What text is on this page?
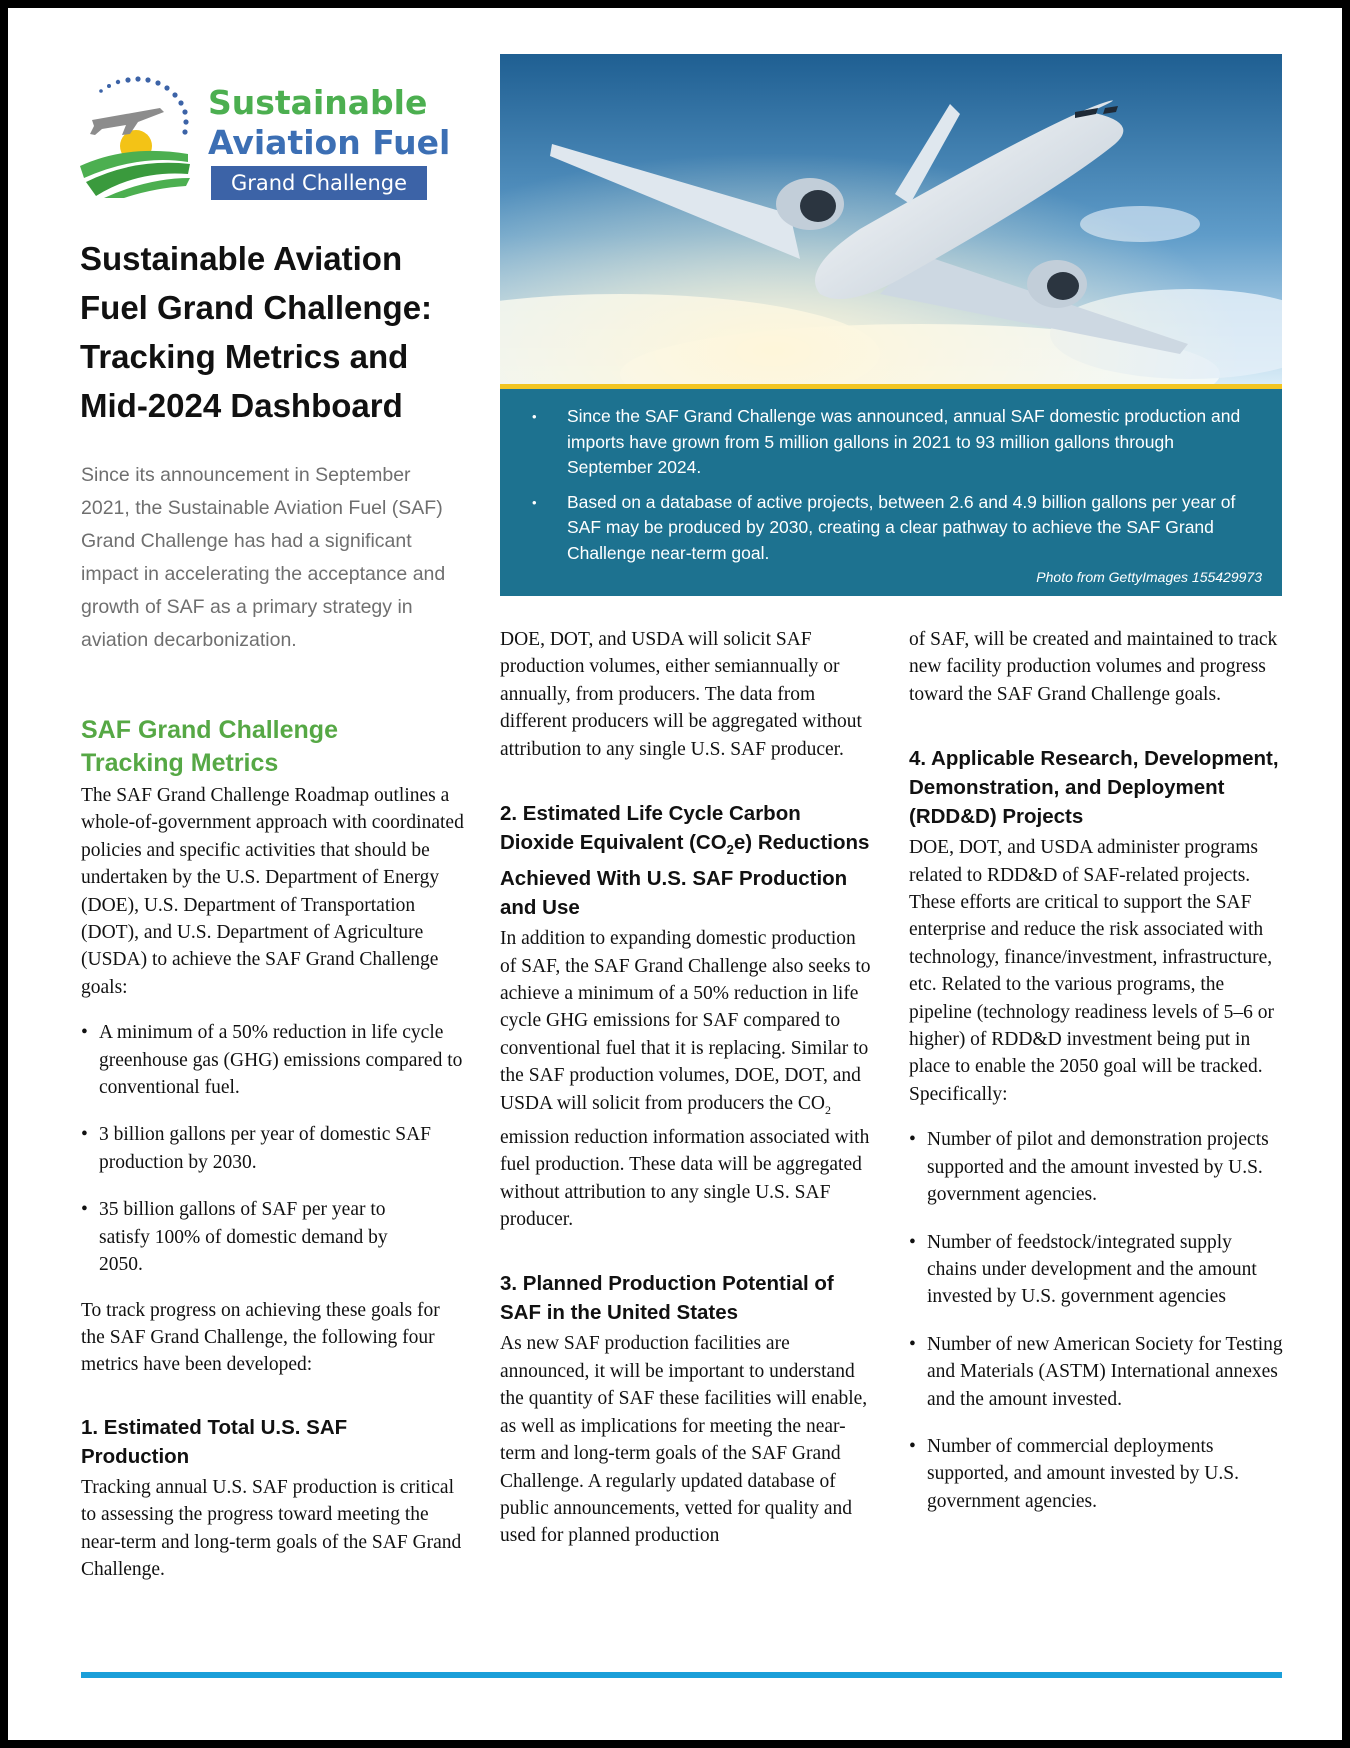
Sustainable
Aviation Fuel
Grand Challenge
Sustainable Aviation Fuel Grand Challenge: Tracking Metrics and Mid-2024 Dashboard

Since its announcement in September 2021, the Sustainable Aviation Fuel (SAF) Grand Challenge has had a significant impact in accelerating the acceptance and growth of SAF as a primary strategy in aviation decarbonization.

• Since the SAF Grand Challenge was announced, annual SAF domestic production and imports have grown from 5 million gallons in 2021 to 93 million gallons through September 2024.
• Based on a database of active projects, between 2.6 and 4.9 billion gallons per year of SAF may be produced by 2030, creating a clear pathway to achieve the SAF Grand Challenge near-term goal.
Photo from GettyImages 155429973
SAF Grand Challenge Tracking Metrics

The SAF Grand Challenge Roadmap outlines a whole-of-government approach with coordinated policies and specific activities that should be undertaken by the U.S. Department of Energy (DOE), U.S. Department of Transportation (DOT), and U.S. Department of Agriculture (USDA) to achieve the SAF Grand Challenge goals:

• A minimum of a 50% reduction in life cycle greenhouse gas (GHG) emissions compared to conventional fuel.
• 3 billion gallons per year of domestic SAF production by 2030.
• 35 billion gallons of SAF per year to satisfy 100% of domestic demand by 2050.

To track progress on achieving these goals for the SAF Grand Challenge, the following four metrics have been developed:

1. Estimated Total U.S. SAF Production

Tracking annual U.S. SAF production is critical to assessing the progress toward meeting the near-term and long-term goals of the SAF Grand Challenge.

DOE, DOT, and USDA will solicit SAF production volumes, either semiannually or annually, from producers. The data from different producers will be aggregated without attribution to any single U.S. SAF producer.

2. Estimated Life Cycle Carbon Dioxide Equivalent $(CO_2e)$ Reductions Achieved With U.S. SAF Production and Use

In addition to expanding domestic production of SAF, the SAF Grand Challenge also seeks to achieve a minimum of a 50% reduction in life cycle GHG emissions for SAF compared to conventional fuel that it is replacing. Similar to the SAF production volumes, DOE, DOT, and USDA will solicit from producers the $CO_2$ emission reduction information associated with fuel production. These data will be aggregated without attribution to any single U.S. SAF producer.

3. Planned Production Potential of SAF in the United States

As new SAF production facilities are announced, it will be important to understand the quantity of SAF these facilities will enable, as well as implications for meeting the near-term and long-term goals of the SAF Grand Challenge. A regularly updated database of public announcements, vetted for quality and used for planned production

of SAF, will be created and maintained to track new facility production volumes and progress toward the SAF Grand Challenge goals.

4. Applicable Research, Development, Demonstration, and Deployment (RDD&D) Projects

DOE, DOT, and USDA administer programs related to RDD&D of SAF-related projects. These efforts are critical to support the SAF enterprise and reduce the risk associated with technology, finance/investment, infrastructure, etc. Related to the various programs, the pipeline (technology readiness levels of 5–6 or higher) of RDD&D investment being put in place to enable the 2050 goal will be tracked. Specifically:

• Number of pilot and demonstration projects supported and the amount invested by U.S. government agencies.
• Number of feedstock/integrated supply chains under development and the amount invested by U.S. government agencies
• Number of new American Society for Testing and Materials (ASTM) International annexes and the amount invested.
• Number of commercial deployments supported, and amount invested by U.S. government agencies.
